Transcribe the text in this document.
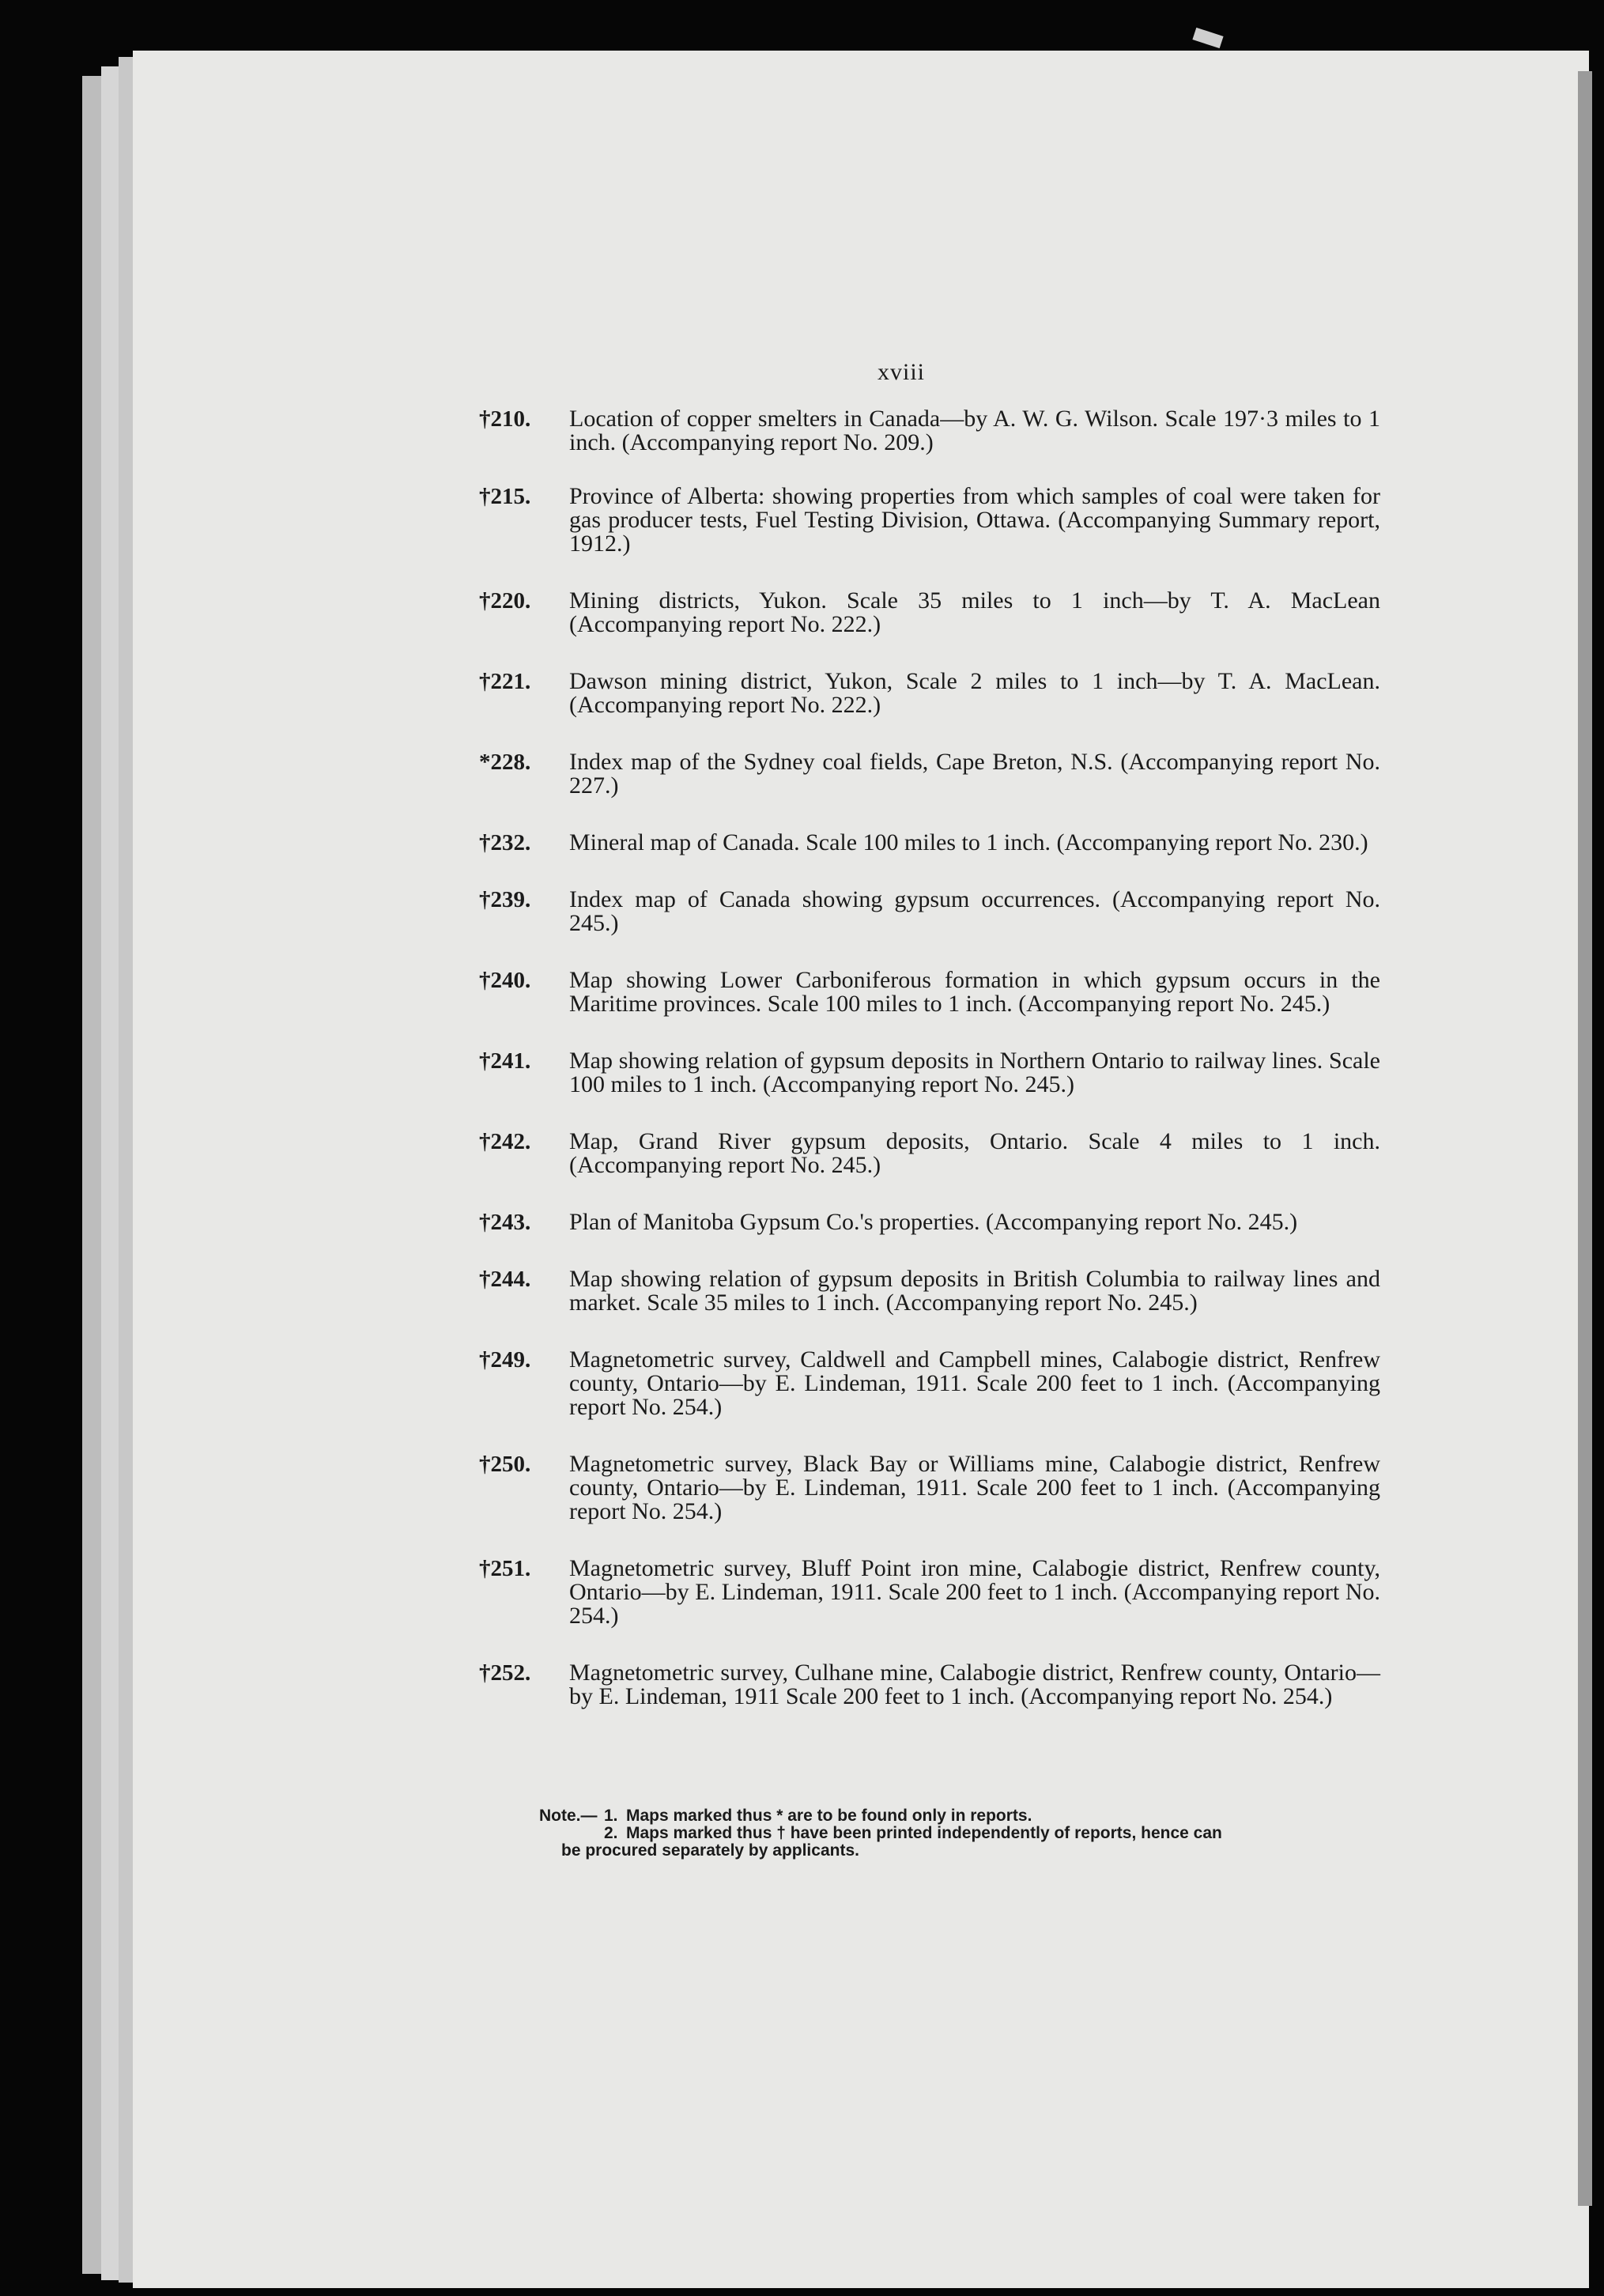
xviii
†210.	Location of copper smelters in Canada—by A. W. G. Wilson. Scale 197·3 miles to 1 inch. (Accompanying report No. 209.)
†215.	Province of Alberta: showing properties from which samples of coal were taken for gas producer tests, Fuel Testing Division, Ottawa. (Accompanying Summary report, 1912.)
†220.	Mining districts, Yukon. Scale 35 miles to 1 inch—by T. A. MacLean (Accompanying report No. 222.)
†221.	Dawson mining district, Yukon, Scale 2 miles to 1 inch—by T. A. MacLean. (Accompanying report No. 222.)
*228.	Index map of the Sydney coal fields, Cape Breton, N.S. (Accompanying report No. 227.)
†232.	Mineral map of Canada. Scale 100 miles to 1 inch. (Accompanying report No. 230.)
†239.	Index map of Canada showing gypsum occurrences. (Accompanying report No. 245.)
†240.	Map showing Lower Carboniferous formation in which gypsum occurs in the Maritime provinces. Scale 100 miles to 1 inch. (Accompanying report No. 245.)
†241.	Map showing relation of gypsum deposits in Northern Ontario to railway lines. Scale 100 miles to 1 inch. (Accompanying report No. 245.)
†242.	Map, Grand River gypsum deposits, Ontario. Scale 4 miles to 1 inch. (Accompanying report No. 245.)
†243.	Plan of Manitoba Gypsum Co.'s properties. (Accompanying report No. 245.)
†244.	Map showing relation of gypsum deposits in British Columbia to railway lines and market. Scale 35 miles to 1 inch. (Accompanying report No. 245.)
†249.	Magnetometric survey, Caldwell and Campbell mines, Calabogie district, Renfrew county, Ontario—by E. Lindeman, 1911. Scale 200 feet to 1 inch. (Accompanying report No. 254.)
†250.	Magnetometric survey, Black Bay or Williams mine, Calabogie district, Renfrew county, Ontario—by E. Lindeman, 1911. Scale 200 feet to 1 inch. (Accompanying report No. 254.)
†251.	Magnetometric survey, Bluff Point iron mine, Calabogie district, Renfrew county, Ontario—by E. Lindeman, 1911. Scale 200 feet to 1 inch. (Accompanying report No. 254.)
†252.	Magnetometric survey, Culhane mine, Calabogie district, Renfrew county, Ontario—by E. Lindeman, 1911 Scale 200 feet to 1 inch. (Accompanying report No. 254.)
Note.— 1. Maps marked thus * are to be found only in reports.
2. Maps marked thus † have been printed independently of reports, hence can
be procured separately by applicants.
